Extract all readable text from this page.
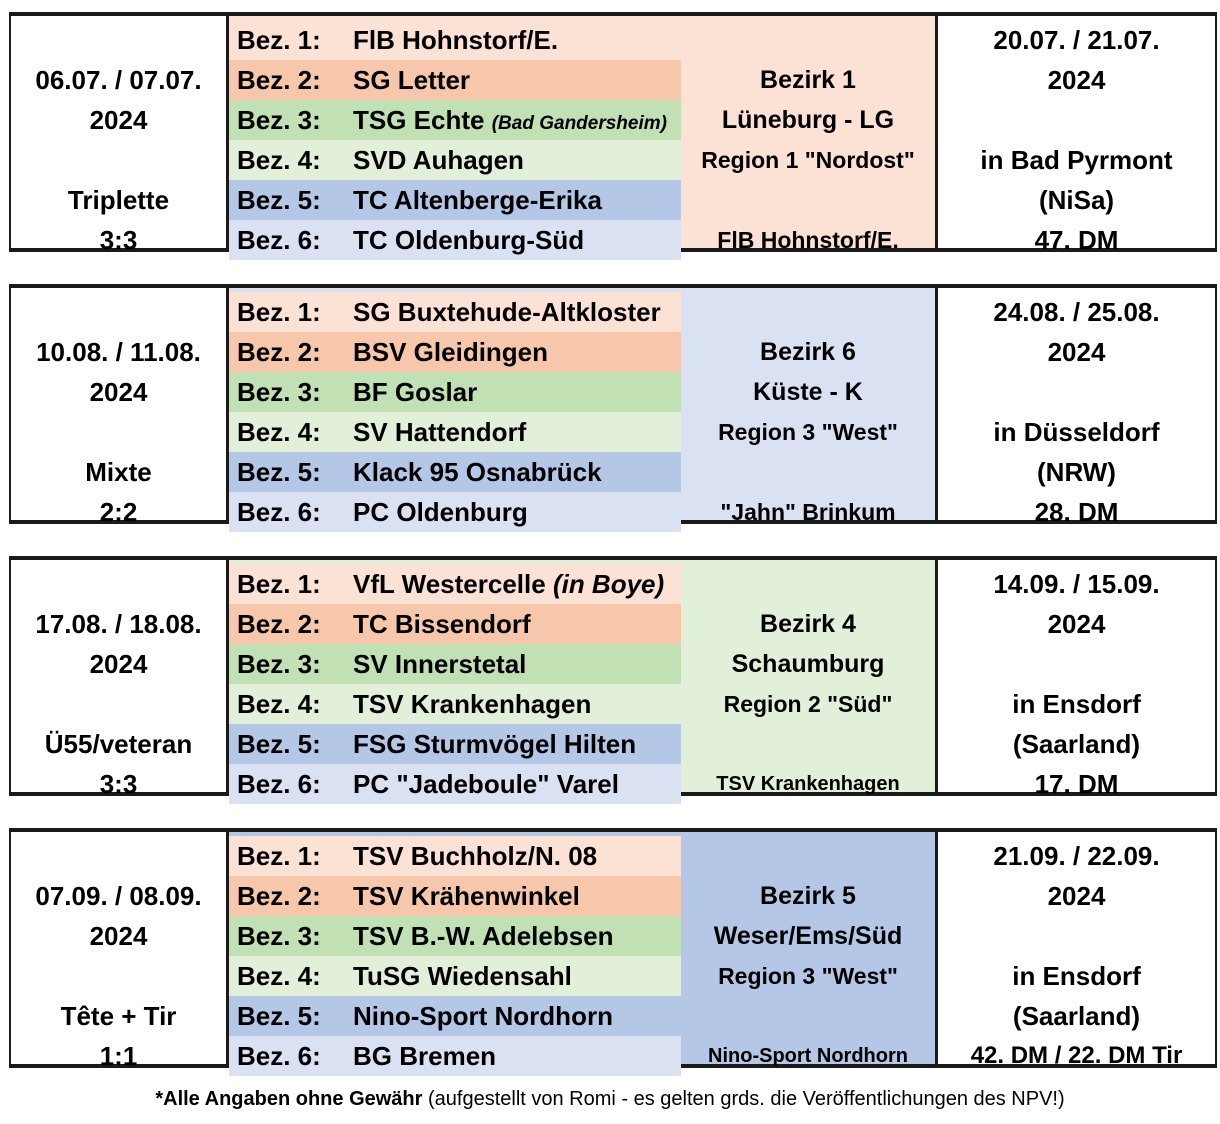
06.07. / 07.07.
2024
Triplette
3:3
Bez. 1: FlB Hohnstorf/E.
Bez. 2: SG Letter
Bez. 3: TSG Echte (Bad Gandersheim)
Bez. 4: SVD Auhagen
Bez. 5: TC Altenberge-Erika
Bez. 6: TC Oldenburg-Süd
Bezirk 1
Lüneburg - LG
Region 1 "Nordost"
FlB Hohnstorf/E.
20.07. / 21.07.
2024
in Bad Pyrmont
(NiSa)
47. DM
10.08. / 11.08.
2024
Mixte
2:2
Bez. 1: SG Buxtehude-Altkloster
Bez. 2: BSV Gleidingen
Bez. 3: BF Goslar
Bez. 4: SV Hattendorf
Bez. 5: Klack 95 Osnabrück
Bez. 6: PC Oldenburg
Bezirk 6
Küste - K
Region 3 "West"
"Jahn" Brinkum
24.08. / 25.08.
2024
in Düsseldorf
(NRW)
28. DM
17.08. / 18.08.
2024
Ü55/veteran
3:3
Bez. 1: VfL Westercelle (in Boye)
Bez. 2: TC Bissendorf
Bez. 3: SV Innerstetal
Bez. 4: TSV Krankenhagen
Bez. 5: FSG Sturmvögel Hilten
Bez. 6: PC "Jadeboule" Varel
Bezirk 4
Schaumburg
Region 2 "Süd"
TSV Krankenhagen
14.09. / 15.09.
2024
in Ensdorf
(Saarland)
17. DM
07.09. / 08.09.
2024
Tête + Tir
1:1
Bez. 1: TSV Buchholz/N. 08
Bez. 2: TSV Krähenwinkel
Bez. 3: TSV B.-W. Adelebsen
Bez. 4: TuSG Wiedensahl
Bez. 5: Nino-Sport Nordhorn
Bez. 6: BG Bremen
Bezirk 5
Weser/Ems/Süd
Region 3 "West"
Nino-Sport Nordhorn
21.09. / 22.09.
2024
in Ensdorf
(Saarland)
42. DM / 22. DM Tir
*Alle Angaben ohne Gewähr (aufgestellt von Romi - es gelten grds. die Veröffentlichungen des NPV!)
